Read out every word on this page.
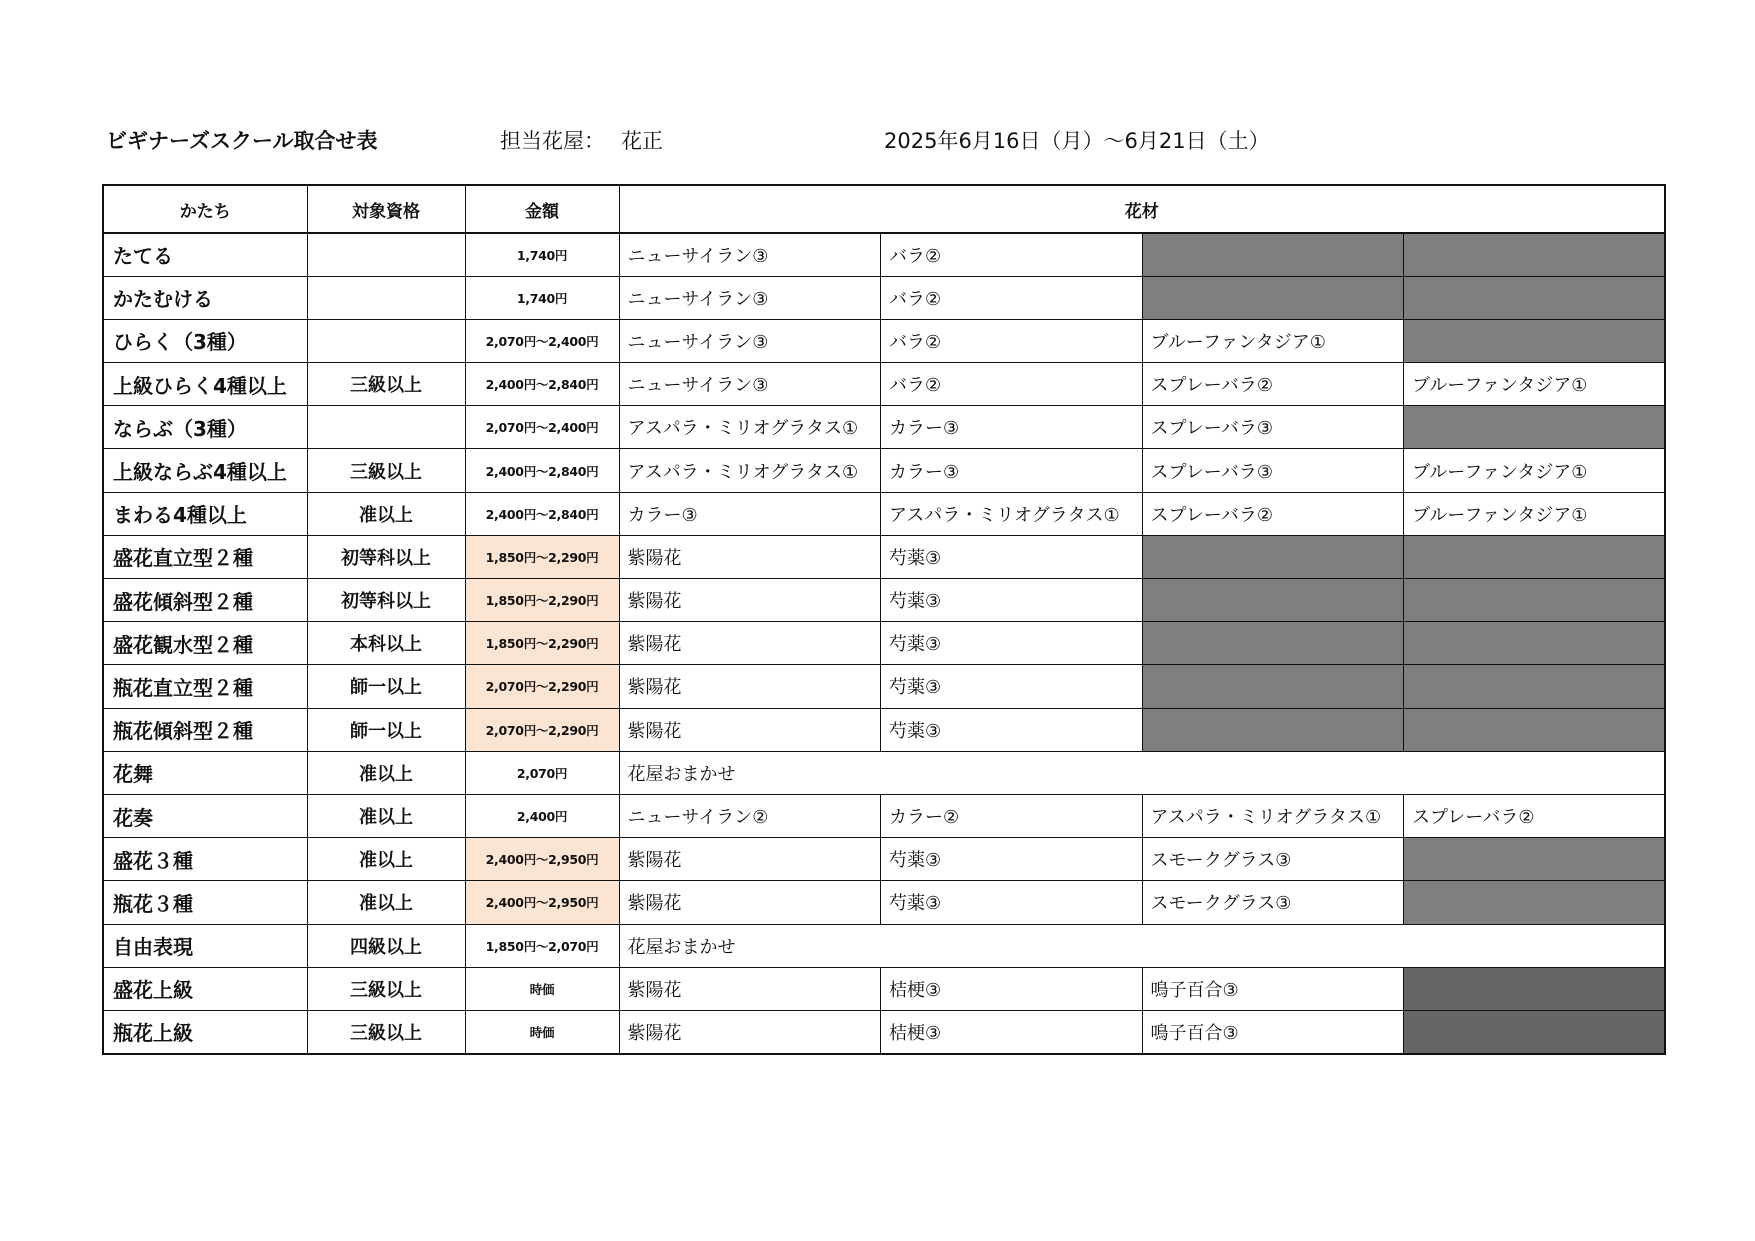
ビギナーズスクール取合せ表	担当花屋： 花正	2025年6月16日（月）〜6月21日（土）
かたち	対象資格	金額	花材			
たてる		1,740円	ニューサイラン③	バラ②		
かたむける		1,740円	ニューサイラン③	バラ②		
ひらく（3種）		2,070円〜2,400円	ニューサイラン③	バラ②	ブルーファンタジア①	
上級ひらく4種以上	三級以上	2,400円〜2,840円	ニューサイラン③	バラ②	スプレーバラ②	ブルーファンタジア①
ならぶ（3種）		2,070円〜2,400円	アスパラ・ミリオグラタス①	カラー③	スプレーバラ③	
上級ならぶ4種以上	三級以上	2,400円〜2,840円	アスパラ・ミリオグラタス①	カラー③	スプレーバラ③	ブルーファンタジア①
まわる4種以上	准以上	2,400円〜2,840円	カラー③	アスパラ・ミリオグラタス①	スプレーバラ②	ブルーファンタジア①
盛花直立型２種	初等科以上	1,850円〜2,290円	紫陽花	芍薬③		
盛花傾斜型２種	初等科以上	1,850円〜2,290円	紫陽花	芍薬③		
盛花観水型２種	本科以上	1,850円〜2,290円	紫陽花	芍薬③		
瓶花直立型２種	師一以上	2,070円〜2,290円	紫陽花	芍薬③		
瓶花傾斜型２種	師一以上	2,070円〜2,290円	紫陽花	芍薬③		
花舞	准以上	2,070円	花屋おまかせ			
花奏	准以上	2,400円	ニューサイラン②	カラー②	アスパラ・ミリオグラタス①	スプレーバラ②
盛花３種	准以上	2,400円〜2,950円	紫陽花	芍薬③	スモークグラス③	
瓶花３種	准以上	2,400円〜2,950円	紫陽花	芍薬③	スモークグラス③	
自由表現	四級以上	1,850円〜2,070円	花屋おまかせ			
盛花上級	三級以上	時価	紫陽花	桔梗③	鳴子百合③	
瓶花上級	三級以上	時価	紫陽花	桔梗③	鳴子百合③	
